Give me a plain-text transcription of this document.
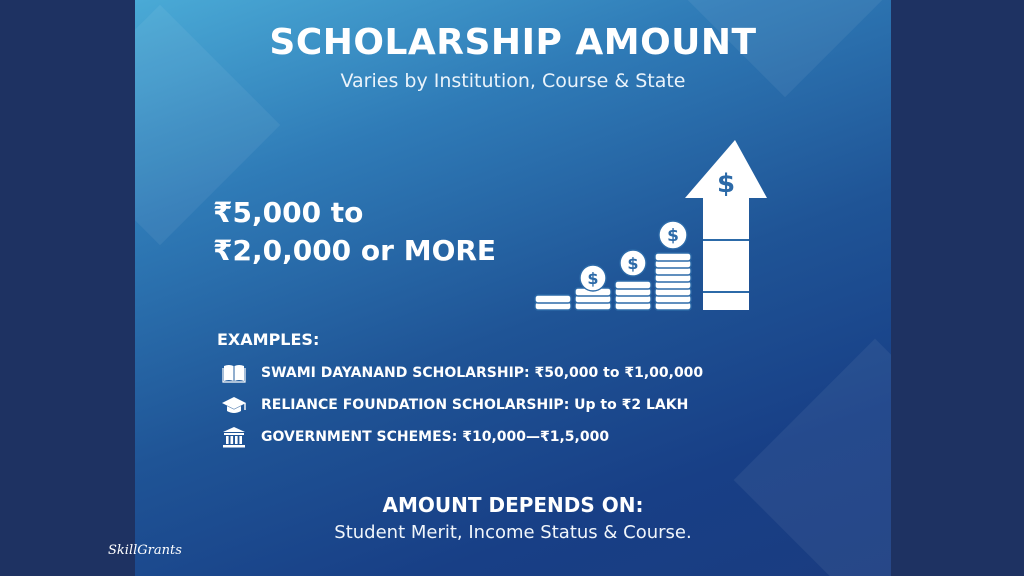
SCHOLARSHIP AMOUNT
Varies by Institution, Course & State
₹5,000 to
₹2,0,000 or MORE
$
$
$
$
EXAMPLES:
SWAMI DAYANAND SCHOLARSHIP: ₹50,000 to ₹1,00,000
RELIANCE FOUNDATION SCHOLARSHIP: Up to ₹2 LAKH
GOVERNMENT SCHEMES: ₹10,000—₹1,5,000
AMOUNT DEPENDS ON:
Student Merit, Income Status & Course.
SkillGrants
